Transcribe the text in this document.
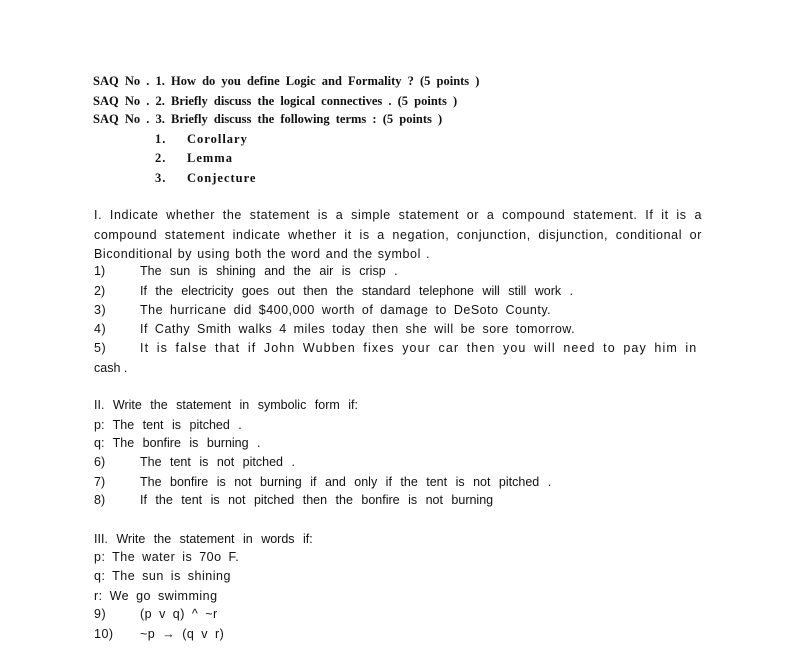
SAQ No . 1. How do you define Logic and Formality ? (5 points )
SAQ No . 2. Briefly discuss the logical connectives . (5 points )
SAQ No . 3. Briefly discuss the following terms : (5 points )
1. Corollary
2. Lemma
3. Conjecture
I. Indicate whether the statement is a simple statement or a compound statement. If it is a compound statement indicate whether it is a negation, conjunction, disjunction, conditional or Biconditional by using both the word and the symbol .
1)	The sun is shining and the air is crisp .
2)	If the electricity goes out then the standard telephone will still work .
3)	The hurricane did $400,000 worth of damage to DeSoto County.
4)	If Cathy Smith walks 4 miles today then she will be sore tomorrow.
5)	It is false that if John Wubben fixes your car then you will need to pay him in
cash .
II. Write the statement in symbolic form if:
p: The tent is pitched .
q: The bonfire is burning .
6)	The tent is not pitched .
7)	The bonfire is not burning if and only if the tent is not pitched .
8)	If the tent is not pitched then the bonfire is not burning
III. Write the statement in words if:
p: The water is 70o F.
q: The sun is shining
r: We go swimming
9)	(p v q) ^ ~r
10) ~p → (q v r)
